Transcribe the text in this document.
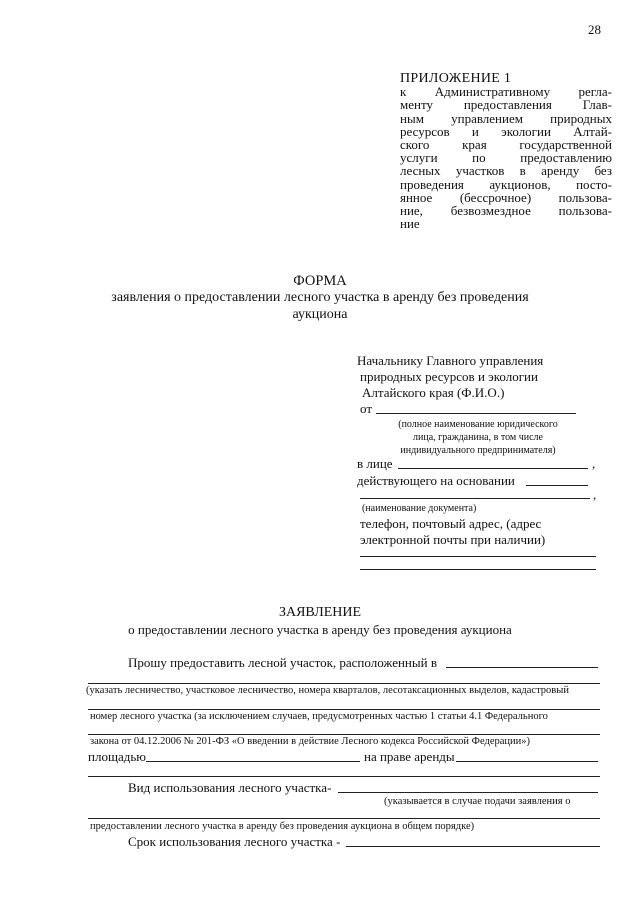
28
ПРИЛОЖЕНИЕ 1
к Административному регла-
менту предоставления Глав-
ным управлением природных
ресурсов и экологии Алтай-
ского края государственной
услуги по предоставлению
лесных участков в аренду без
проведения аукционов, посто-
янное (бессрочное) пользова-
ние, безвозмездное пользова-
ние
ФОРМА
заявления о предоставлении лесного участка в аренду без проведения
аукциона
Начальнику Главного управления
природных ресурсов и экологии
Алтайского края (Ф.И.О.)
от
(полное наименование юридического
лица, гражданина, в том числе
индивидуального предпринимателя)
в лице	,
действующего на основании
,
(наименование документа)
телефон, почтовый адрес, (адрес
электронной почты при наличии)
ЗАЯВЛЕНИЕ
о предоставлении лесного участка в аренду без проведения аукциона
Прошу предоставить лесной участок, расположенный в
(указать лесничество, участковое лесничество, номера кварталов, лесотаксационных выделов, кадастровый
номер лесного участка (за исключением случаев, предусмотренных частью 1 статьи 4.1 Федерального
закона от 04.12.2006 № 201-ФЗ «О введении в действие Лесного кодекса Российской Федерации»)
площадью	на праве аренды
Вид использования лесного участка-
(указывается в случае подачи заявления о
предоставлении лесного участка в аренду без проведения аукциона в общем порядке)
Срок использования лесного участка -
